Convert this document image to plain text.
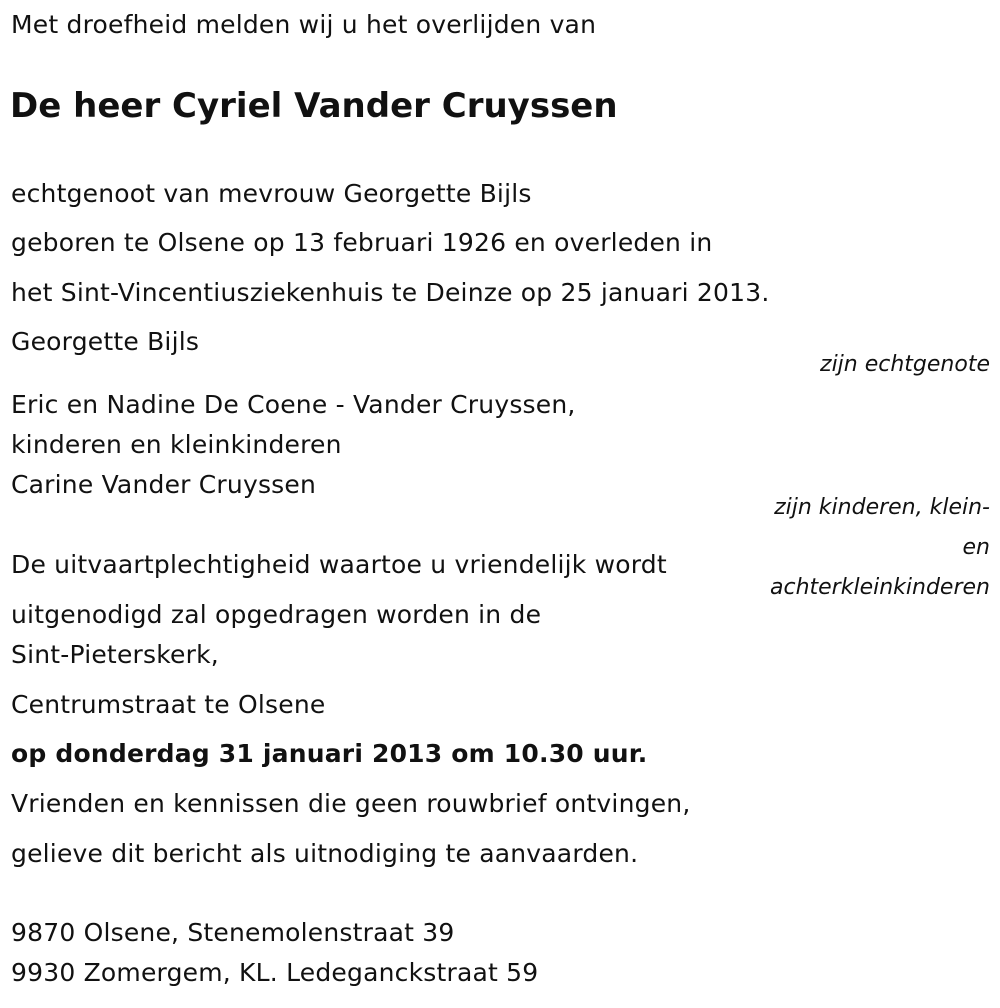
Met droefheid melden wij u het overlijden van
De heer Cyriel Vander Cruyssen
echtgenoot van mevrouw Georgette Bijls
geboren te Olsene op 13 februari 1926 en overleden in
het Sint-Vincentiusziekenhuis te Deinze op 25 januari 2013.
Georgette Bijls
zijn echtgenote
Eric en Nadine De Coene - Vander Cruyssen,
kinderen en kleinkinderen
Carine Vander Cruyssen
zijn kinderen, klein-
en
achterkleinkinderen
De uitvaartplechtigheid waartoe u vriendelijk wordt
uitgenodigd zal opgedragen worden in de
Sint-Pieterskerk,
Centrumstraat te Olsene
op donderdag 31 januari 2013 om 10.30 uur.
Vrienden en kennissen die geen rouwbrief ontvingen,
gelieve dit bericht als uitnodiging te aanvaarden.
9870 Olsene, Stenemolenstraat 39
9930 Zomergem, KL. Ledeganckstraat 59
